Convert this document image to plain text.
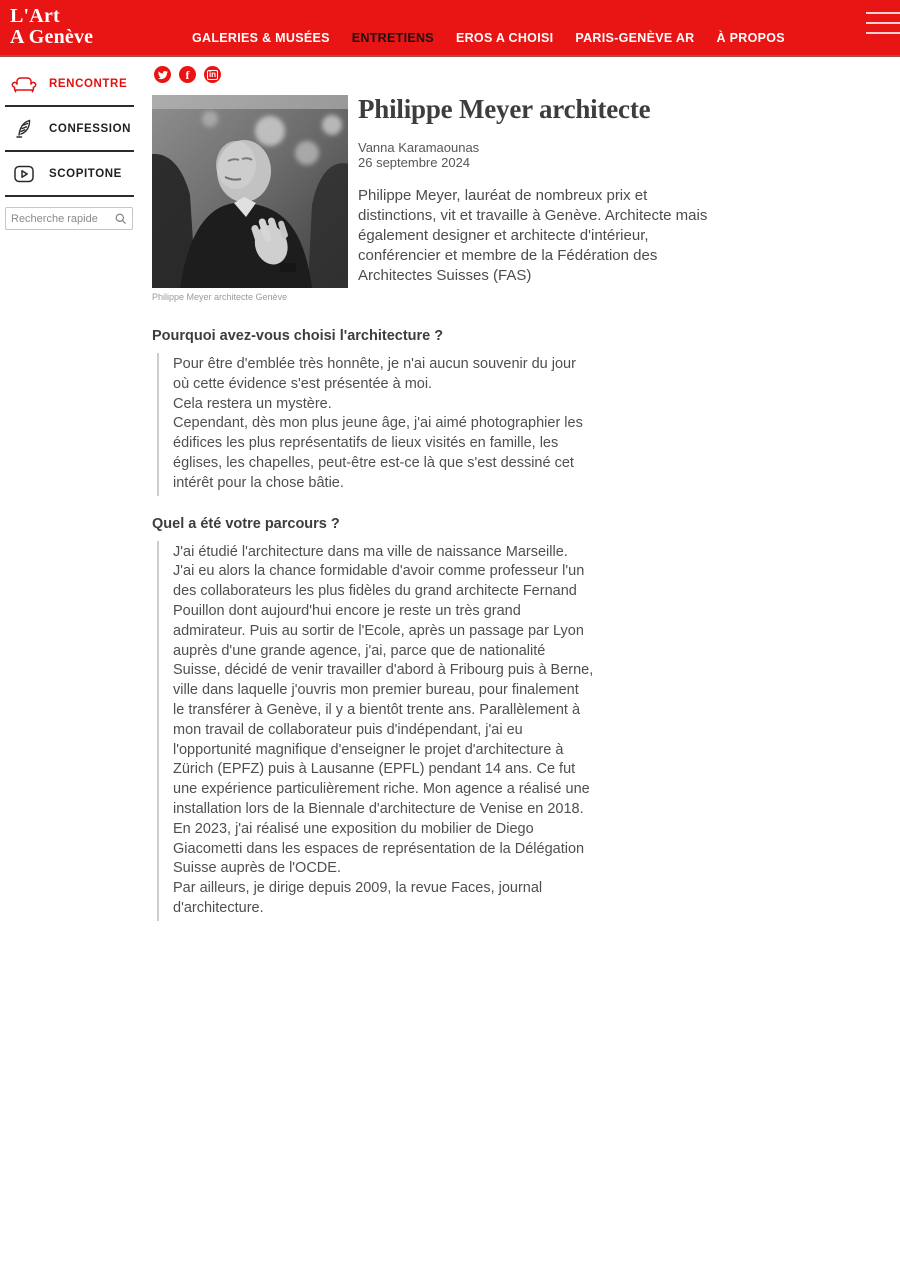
L'Art
A Genève	GALERIES & MUSÉES ENTRETIENS EROS A CHOISI PARIS-GENÈVE AR À PROPOS
RENCONTRE
CONFESSION
SCOPITONE
Recherche rapide
f in
Philippe Meyer architecte Genève
Philippe Meyer architecte
Vanna Karamaounas
26 septembre 2024

Philippe Meyer, lauréat de nombreux prix et distinctions, vit et travaille à Genève. Architecte mais également designer et architecte d'intérieur, conférencier et membre de la Fédération des Architectes Suisses (FAS)

Pourquoi avez-vous choisi l'architecture ?

Pour être d'emblée très honnête, je n'ai aucun souvenir du jour où cette évidence s'est présentée à moi.

Cela restera un mystère.

Cependant, dès mon plus jeune âge, j'ai aimé photographier les édifices les plus représentatifs de lieux visités en famille, les églises, les chapelles, peut-être est-ce là que s'est dessiné cet intérêt pour la chose bâtie.

Quel a été votre parcours ?

J'ai étudié l'architecture dans ma ville de naissance Marseille.

J'ai eu alors la chance formidable d'avoir comme professeur l'un des collaborateurs les plus fidèles du grand architecte Fernand Pouillon dont aujourd'hui encore je reste un très grand admirateur. Puis au sortir de l'Ecole, après un passage par Lyon auprès d'une grande agence, j'ai, parce que de nationalité Suisse, décidé de venir travailler d'abord à Fribourg puis à Berne, ville dans laquelle j'ouvris mon premier bureau, pour finalement le transférer à Genève, il y a bientôt trente ans. Parallèlement à mon travail de collaborateur puis d'indépendant, j'ai eu l'opportunité magnifique d'enseigner le projet d'architecture à Zürich (EPFZ) puis à Lausanne (EPFL) pendant 14 ans. Ce fut une expérience particulièrement riche. Mon agence a réalisé une installation lors de la Biennale d'architecture de Venise en 2018. En 2023, j'ai réalisé une exposition du mobilier de Diego Giacometti dans les espaces de représentation de la Délégation Suisse auprès de l'OCDE.

Par ailleurs, je dirige depuis 2009, la revue Faces, journal d'architecture.
